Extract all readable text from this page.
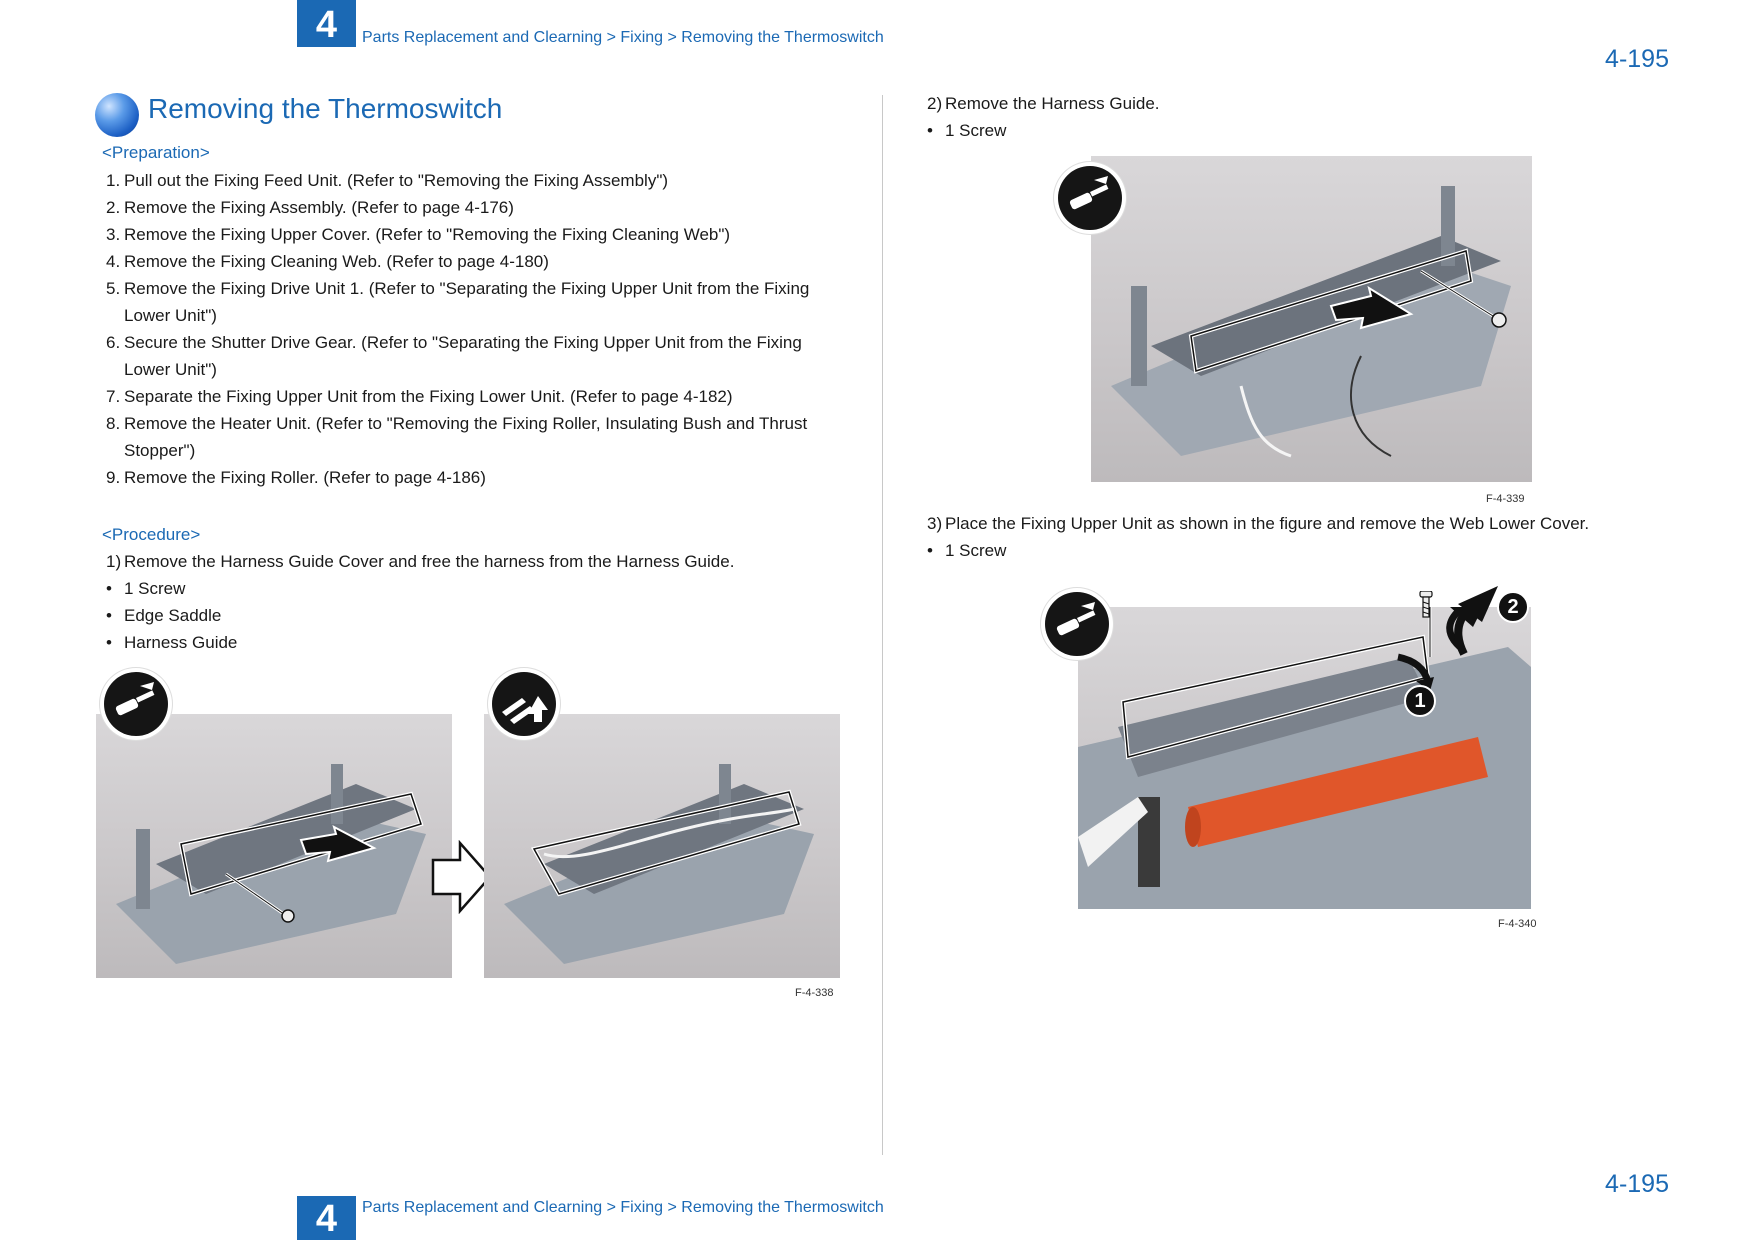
4	Parts Replacement and Clearning > Fixing > Removing the Thermoswitch
4-195
Removing the Thermoswitch
<Preparation>
1. Pull out the Fixing Feed Unit. (Refer to "Removing the Fixing Assembly")
2. Remove the Fixing Assembly. (Refer to page 4-176)
3. Remove the Fixing Upper Cover. (Refer to "Removing the Fixing Cleaning Web")
4. Remove the Fixing Cleaning Web. (Refer to page 4-180)
5. Remove the Fixing Drive Unit 1. (Refer to "Separating the Fixing Upper Unit from the Fixing
Lower Unit")
6. Secure the Shutter Drive Gear. (Refer to "Separating the Fixing Upper Unit from the Fixing
Lower Unit")
7. Separate the Fixing Upper Unit from the Fixing Lower Unit. (Refer to page 4-182)
8. Remove the Heater Unit. (Refer to "Removing the Fixing Roller, Insulating Bush and Thrust
Stopper")
9. Remove the Fixing Roller. (Refer to page 4-186)
<Procedure>
1) Remove the Harness Guide Cover and free the harness from the Harness Guide.
• 1 Screw
• Edge Saddle
• Harness Guide
F-4-338
2) Remove the Harness Guide.
• 1 Screw
F-4-339
3) Place the Fixing Upper Unit as shown in the figure and remove the Web Lower Cover.
• 1 Screw
1
2
F-4-340
4-195
4	Parts Replacement and Clearning > Fixing > Removing the Thermoswitch
